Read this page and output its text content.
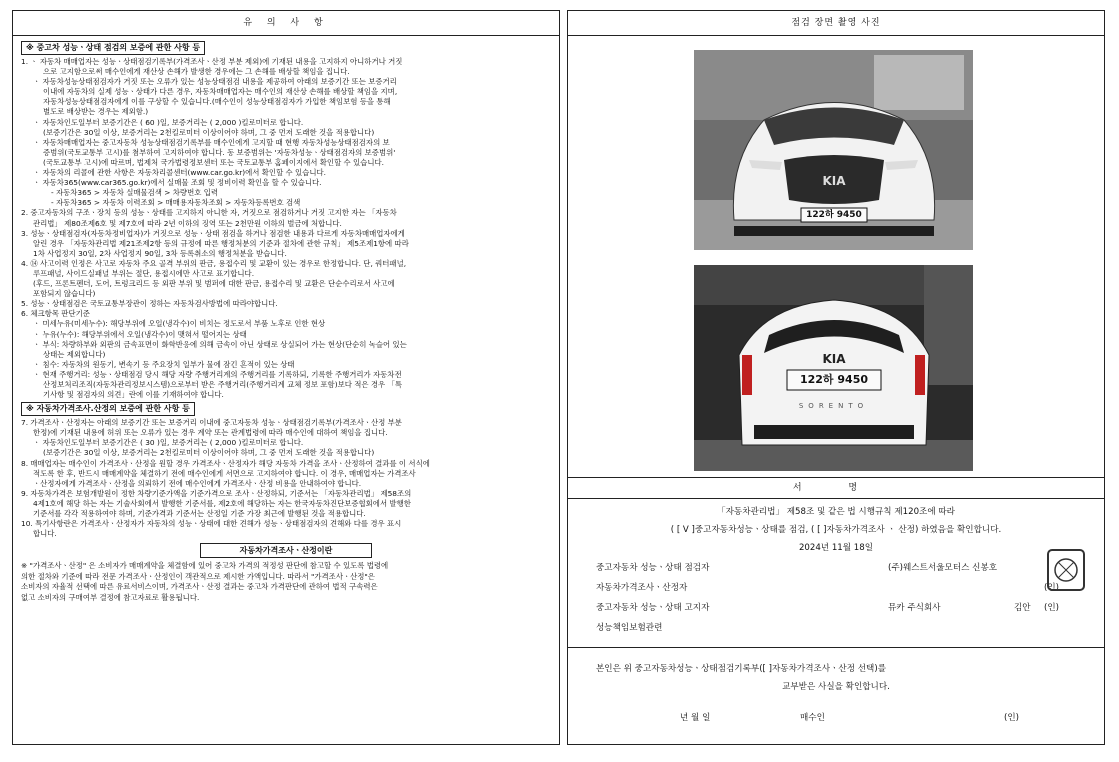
유 의 사 항
※ 중고차 성능ㆍ상태 점검의 보증에 관한 사항 등

1. ㆍ 자동차 매매업자는 성능ㆍ상태점검기록부(가격조사ㆍ산정 부분 제외)에 기재된 내용을 고지하지 아니하거나 거짓

으로 고지함으로써 매수인에게 재산상 손해가 발생한 경우에는 그 손해를 배상할 책임을 집니다.

ㆍ 자동차성능상태점검자가 거짓 또는 오류가 있는 성능상태점검 내용을 제공하여 아래의 보증기간 또는 보증거리

이내에 자동차의 실제 성능ㆍ상태가 다른 경우, 자동차매매업자는 매수인의 재산상 손해를 배상할 책임을 지며,

자동차성능상태점검자에게 이를 구상할 수 있습니다.(매수인이 성능상태점검자가 가입한 책임보험 등을 통해

별도로 배상받는 경우는 제외함.)

ㆍ 자동차인도일부터 보증기간은 ( 60 )일, 보증거리는 ( 2,000 )킬로미터로 합니다.

(보증기간은 30일 이상, 보증거리는 2천킬로미터 이상이어야 하며, 그 중 먼저 도래한 것을 적용합니다)

ㆍ 자동차매매업자는 중고자동차 성능상태점검기록부를 매수인에게 고지할 때 현행 자동차성능상태점검자의 보

증범위(국토교통부 고시)를 첨부하여 고지하여야 합니다. 동 보증범위는 '자동차성능ㆍ상태점검자의 보증범위'

(국토교통부 고시)에 따르며, 법제처 국가법령정보센터 또는 국토교통부 홈페이지에서 확인할 수 있습니다.

ㆍ 자동차의 리콜에 관한 사항은 자동차리콜센터(www.car.go.kr)에서 확인할 수 있습니다.

ㆍ 자동차365(www.car365.go.kr)에서 실매물 조회 및 정비이력 확인을 할 수 있습니다.

- 자동차365 > 자동차 실매물검색 > 차량번호 입력

- 자동차365 > 자동차 이력조회 > 매매용자동차조회 > 자동차등록번호 검색

2. 중고자동차의 구조ㆍ장치 등의 성능ㆍ상태를 고지하지 아니한 자, 거짓으로 점검하거나 거짓 고지한 자는 「자동차

관리법」 제80조제6호 및 제7호에 따라 2년 이하의 징역 또는 2천만원 이하의 벌금에 처합니다.

3. 성능ㆍ상태점검자(자동차정비업자)가 거짓으로 성능ㆍ상태 점검을 하거나 점검한 내용과 다르게 자동차매매업자에게

알린 경우 「자동차관리법 제21조제2항 등의 규정에 따른 행정처분의 기준과 절차에 관한 규칙」 제5조제1항에 따라

1차 사업정지 30일, 2차 사업정지 90일, 3차 등록취소의 행정처분을 받습니다.

4. ⑭ 사고이력 인정은 사고로 자동차 주요 골격 부위의 판금, 용접수리 및 교환이 있는 경우로 한정합니다. 단, 쿼터패널,

루프패널, 사이드실패널 부위는 절단, 용접시에만 사고로 표기합니다.

(후드, 프론트펜더, 도어, 트렁크리드 등 외판 부위 및 범퍼에 대한 판금, 용접수리 및 교환은 단순수리로서 사고에

포함되지 않습니다)

5. 성능ㆍ상태점검은 국토교통부장관이 정하는 자동차검사방법에 따라야합니다.

6. 체크항목 판단기준

ㆍ 미세누유(미세누수): 해당부위에 오일(냉각수)이 비치는 정도로서 부품 노후로 인한 현상

ㆍ 누유(누수): 해당부위에서 오일(냉각수)이 맺혀서 떨어지는 상태

ㆍ 부식: 차량하부와 외판의 금속표면이 화학반응에 의해 금속이 아닌 상태로 상실되어 가는 현상(단순히 녹슬어 있는

상태는 제외합니다)

ㆍ 침수: 자동차의 원동기, 변속기 등 주요장치 일부가 물에 잠긴 흔적이 있는 상태

ㆍ 현재 주행거리: 성능ㆍ상태점검 당시 해당 자량 주행거리계의 주행거리를 기록하되, 기록한 주행거리가 자동차전

산정보처리조직(자동차관리정보시스템)으로부터 받은 주행거리(주행거리계 교체 정보 포함)보다 적은 경우 「특

기사항 및 점검자의 의견」란에 이를 기재하여야 합니다.

※ 자동차가격조사.산정의 보증에 관한 사항 등

7. 가격조사ㆍ산정자는 아래의 보증기간 또는 보증거리 이내에 중고자동차 성능ㆍ상태점검기록부(가격조사ㆍ산정 부분

한정)에 기재된 내용에 허위 또는 오류가 있는 경우 계약 또는 관계법령에 따라 매수인에 대하여 책임을 집니다.

ㆍ 자동차인도일부터 보증기간은 ( 30 )일, 보증거리는 ( 2,000 )킬로미터로 합니다.

(보증기간은 30일 이상, 보증거리는 2천킬로미터 이상이어야 하며, 그 중 먼저 도래한 것을 적용합니다)

8. 매매업자는 매수인이 가격조사ㆍ산정을 원할 경우 가격조사ㆍ산정자가 해당 자동차 가격을 조사ㆍ산정하여 결과를 이 서식에

적도록 한 후, 반드시 매매계약을 체결하기 전에 매수인에게 서면으로 고지하여야 합니다. 이 경우, 매매업자는 가격조사

ㆍ산정자에게 가격조사ㆍ산정을 의뢰하기 전에 매수인에게 가격조사ㆍ산정 비용을 안내하여야 합니다.

9. 자동차가격은 보험개발원이 정한 차량기준가액을 기준가격으로 조사ㆍ산정하되, 기준서는 「자동차관리법」 제58조의

4제1호에 해당 하는 자는 기술사회에서 발행한 기준서를, 제2호에 해당하는 자는 한국자동차진단보증협회에서 발행한

기준서를 각각 적용하여야 하며, 기준가격과 기준서는 산정일 기준 가장 최근에 발행된 것을 적용합니다.

10. 특기사항란은 가격조사ㆍ산정자가 자동차의 성능ㆍ상태에 대한 견해가 성능ㆍ상태점검자의 견해와 다를 경우 표시

합니다.

자동차가격조사ㆍ산정이란

※ "가격조사ㆍ산정" 은 소비자가 매매계약을 체결함에 있어 중고차 가격의 적정성 판단에 참고할 수 있도록 법령에

의한 절차와 기준에 따라 전문 가격조사ㆍ산정인이 객관적으로 제시한 가액입니다. 따라서 "가격조사ㆍ산정"은

소비자의 자율적 선택에 따른 유료서비스이며, 가격조사ㆍ산정 결과는 중고차 가격판단에 관하여 법적 구속력은

없고 소비자의 구매여부 결정에 참고자료로 활용됩니다.

점검 장면 촬영 사진
KIA
122하 9450
KIA
122하 9450
SORENTO
서 명
「자동차관리법」 제58조 및 같은 법 시행규칙 제120조에 따라
( [ V ]중고자동차성능ㆍ상태를 점검, ( [ ]자동차가격조사 ㆍ 산정) 하였음을 확인합니다.
2024년 11월 18일
중고자동차 성능ㆍ상태 점검자	(주)웨스트서울모터스 신봉호
자동차가격조사ㆍ산정자	(인)
중고자동차 성능ㆍ상태 고지자	뮤카 주식회사	김안 (인)
성능책임보험관련
본인은 위 중고자동차성능ㆍ상태점검기록부([ ]자동차가격조사ㆍ산정 선택)를
교부받은 사실을 확인합니다.
년 월 일	매수인	(인)
